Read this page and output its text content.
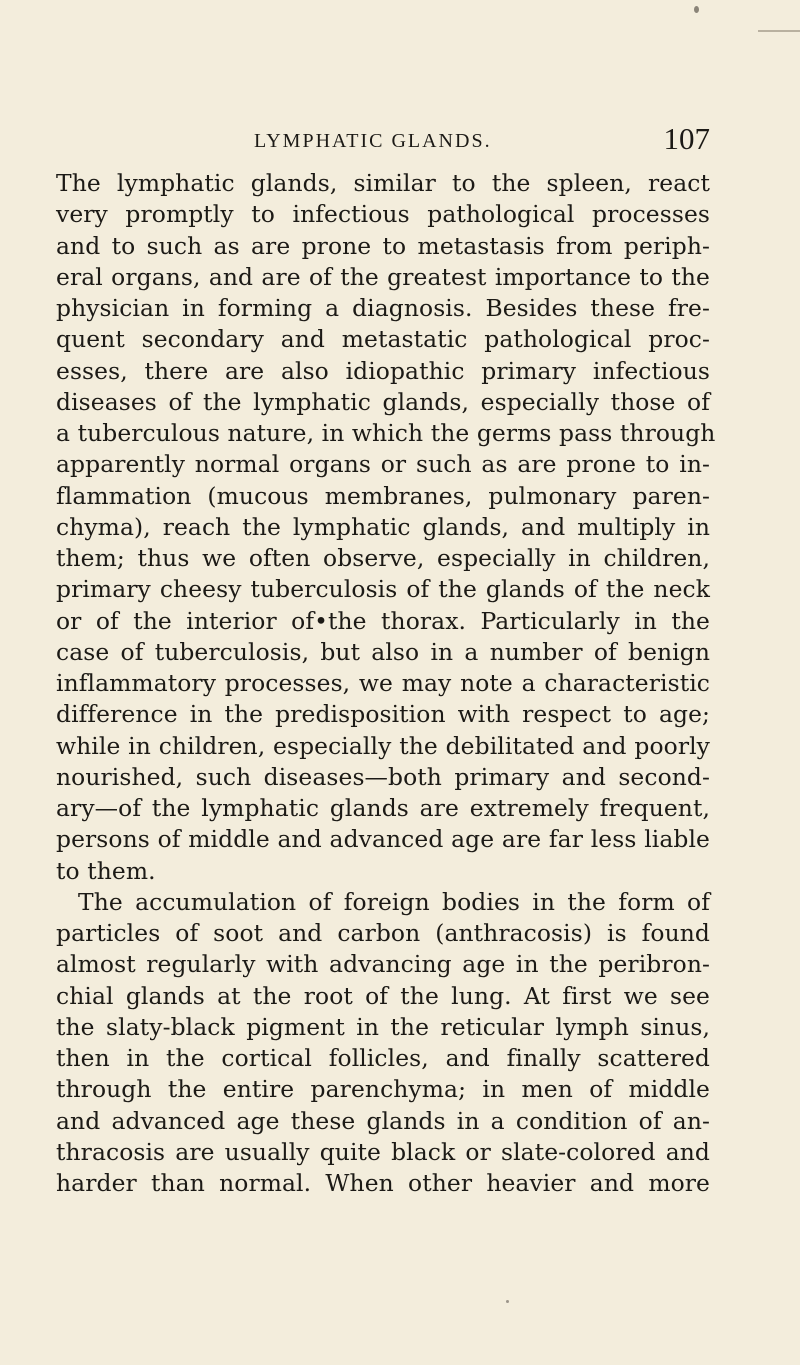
LYMPHATIC GLANDS.	107
The lymphatic glands, similar to the spleen, react
very promptly to infectious pathological processes
and to such as are prone to metastasis from periph-
eral organs, and are of the greatest importance to the
physician in forming a diagnosis. Besides these fre-
quent secondary and metastatic pathological proc-
esses, there are also idiopathic primary infectious
diseases of the lymphatic glands, especially those of
a tuberculous nature, in which the germs pass through
apparently normal organs or such as are prone to in-
flammation (mucous membranes, pulmonary paren-
chyma), reach the lymphatic glands, and multiply in
them; thus we often observe, especially in children,
primary cheesy tuberculosis of the glands of the neck
or of the interior of•the thorax. Particularly in the
case of tuberculosis, but also in a number of benign
inflammatory processes, we may note a characteristic
difference in the predisposition with respect to age;
while in children, especially the debilitated and poorly
nourished, such diseases—both primary and second-
ary—of the lymphatic glands are extremely frequent,
persons of middle and advanced age are far less liable
to them.
The accumulation of foreign bodies in the form of
particles of soot and carbon (anthracosis) is found
almost regularly with advancing age in the peribron-
chial glands at the root of the lung. At first we see
the slaty-black pigment in the reticular lymph sinus,
then in the cortical follicles, and finally scattered
through the entire parenchyma; in men of middle
and advanced age these glands in a condition of an-
thracosis are usually quite black or slate-colored and
harder than normal. When other heavier and more
